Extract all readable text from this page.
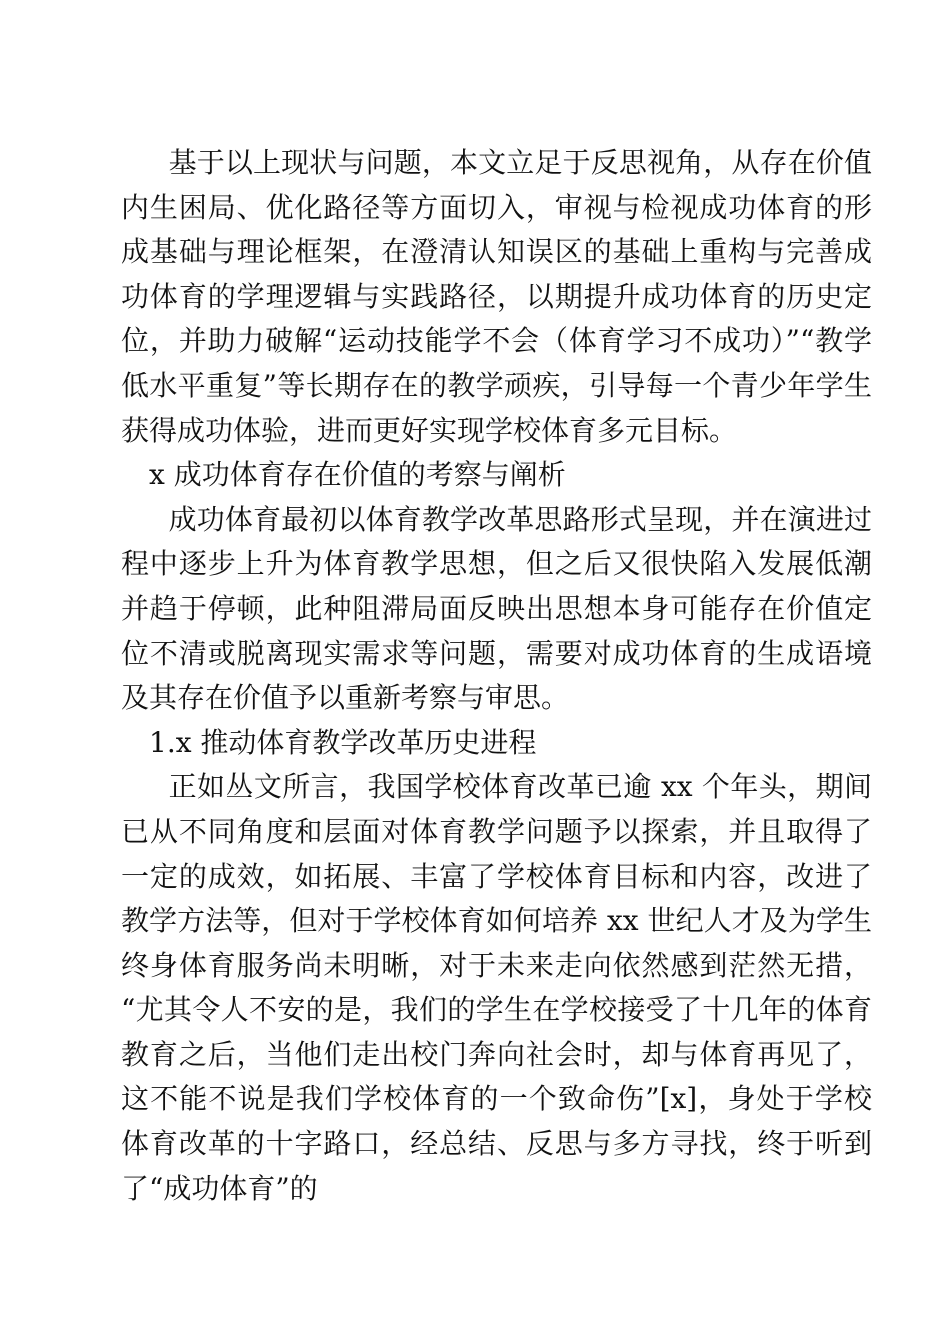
基于以上现状与问题，本文立足于反思视角，从存在价值内生困局、优化路径等方面切入，审视与检视成功体育的形成基础与理论框架，在澄清认知误区的基础上重构与完善成功体育的学理逻辑与实践路径，以期提升成功体育的历史定位，并助力破解“运动技能学不会（体育学习不成功）”“教学低水平重复”等长期存在的教学顽疾，引导每一个青少年学生获得成功体验，进而更好实现学校体育多元目标。

x 成功体育存在价值的考察与阐析

成功体育最初以体育教学改革思路形式呈现，并在演进过程中逐步上升为体育教学思想，但之后又很快陷入发展低潮并趋于停顿，此种阻滞局面反映出思想本身可能存在价值定位不清或脱离现实需求等问题，需要对成功体育的生成语境及其存在价值予以重新考察与审思。

1.x 推动体育教学改革历史进程

正如丛文所言，我国学校体育改革已逾 xx 个年头，期间已从不同角度和层面对体育教学问题予以探索，并且取得了一定的成效，如拓展、丰富了学校体育目标和内容，改进了教学方法等，但对于学校体育如何培养 xx 世纪人才及为学生终身体育服务尚未明晰，对于未来走向依然感到茫然无措，“尤其令人不安的是，我们的学生在学校接受了十几年的体育教育之后，当他们走出校门奔向社会时，却与体育再见了，这不能不说是我们学校体育的一个致命伤”[x]，身处于学校体育改革的十字路口，经总结、反思与多方寻找，终于听到了“成功体育”的
